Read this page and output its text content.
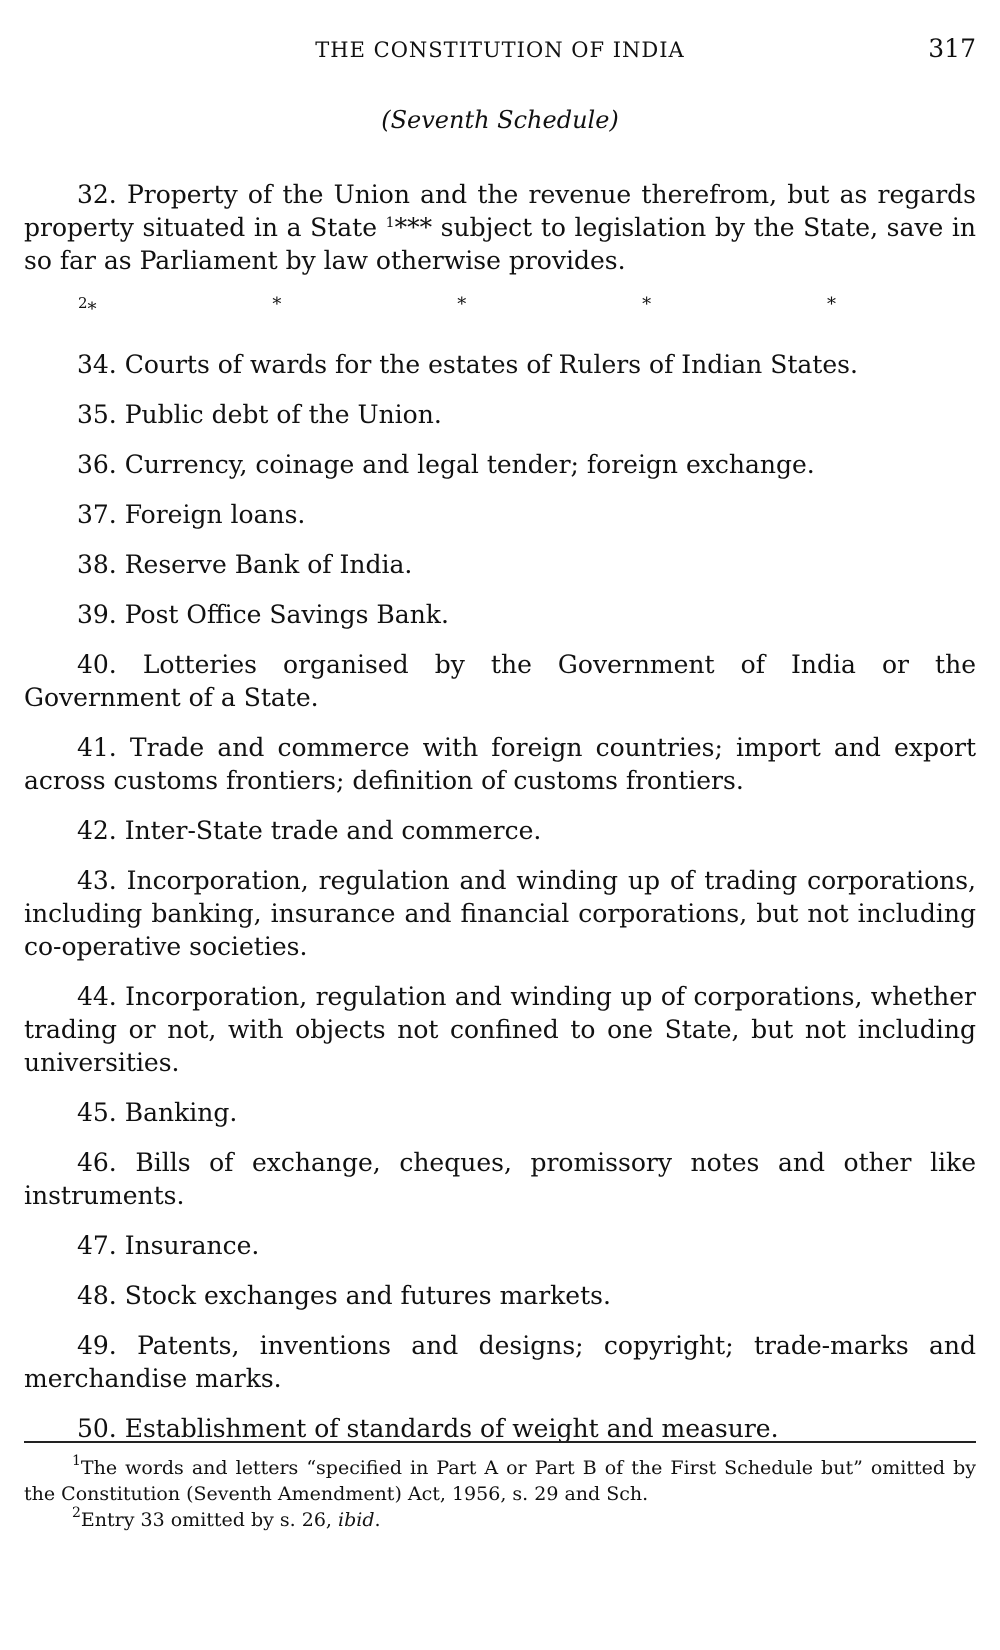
THE CONSTITUTION OF INDIA	317
(Seventh Schedule)

32. Property of the Union and the revenue therefrom, but as regards property situated in a State $^1$*** subject to legislation by the State, save in so far as Parliament by law otherwise provides.

$^2$*	*	*	*	*

34. Courts of wards for the estates of Rulers of Indian States.

35. Public debt of the Union.

36. Currency, coinage and legal tender; foreign exchange.

37. Foreign loans.

38. Reserve Bank of India.

39. Post Office Savings Bank.

40. Lotteries organised by the Government of India or the Government of a State.

41. Trade and commerce with foreign countries; import and export across customs frontiers; definition of customs frontiers.

42. Inter-State trade and commerce.

43. Incorporation, regulation and winding up of trading corporations, including banking, insurance and financial corporations, but not including co-operative societies.

44. Incorporation, regulation and winding up of corporations, whether trading or not, with objects not confined to one State, but not including universities.

45. Banking.

46. Bills of exchange, cheques, promissory notes and other like instruments.

47. Insurance.

48. Stock exchanges and futures markets.

49. Patents, inventions and designs; copyright; trade-marks and merchandise marks.

50. Establishment of standards of weight and measure.

$^1$The words and letters “specified in Part A or Part B of the First Schedule but” omitted by the Constitution (Seventh Amendment) Act, 1956, s. 29 and Sch.

$^2$Entry 33 omitted by s. 26, ibid.
